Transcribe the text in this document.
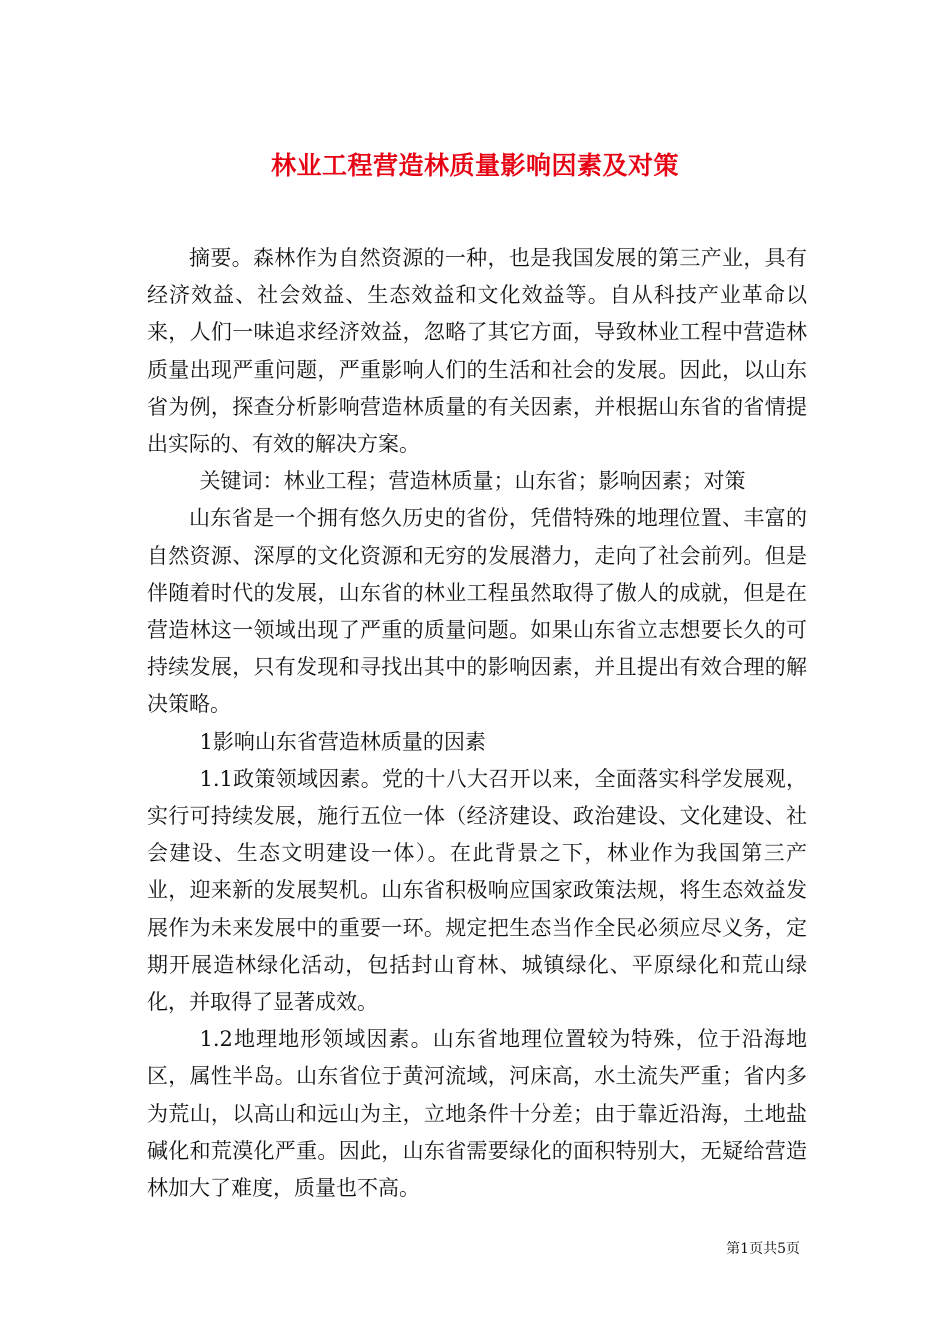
林业工程营造林质量影响因素及对策

摘要。森林作为自然资源的一种，也是我国发展的第三产业，具有经济效益、社会效益、生态效益和文化效益等。自从科技产业革命以来，人们一味追求经济效益，忽略了其它方面，导致林业工程中营造林质量出现严重问题，严重影响人们的生活和社会的发展。因此，以山东省为例，探查分析影响营造林质量的有关因素，并根据山东省的省情提出实际的、有效的解决方案。

关键词：林业工程；营造林质量；山东省；影响因素；对策

山东省是一个拥有悠久历史的省份，凭借特殊的地理位置、丰富的自然资源、深厚的文化资源和无穷的发展潜力，走向了社会前列。但是伴随着时代的发展，山东省的林业工程虽然取得了傲人的成就，但是在营造林这一领域出现了严重的质量问题。如果山东省立志想要长久的可持续发展，只有发现和寻找出其中的影响因素，并且提出有效合理的解决策略。

1影响山东省营造林质量的因素

1.1政策领域因素。党的十八大召开以来，全面落实科学发展观，实行可持续发展，施行五位一体（经济建设、政治建设、文化建设、社会建设、生态文明建设一体）。在此背景之下，林业作为我国第三产业，迎来新的发展契机。山东省积极响应国家政策法规，将生态效益发展作为未来发展中的重要一环。规定把生态当作全民必须应尽义务，定期开展造林绿化活动，包括封山育林、城镇绿化、平原绿化和荒山绿化，并取得了显著成效。

1.2地理地形领域因素。山东省地理位置较为特殊，位于沿海地区，属性半岛。山东省位于黄河流域，河床高，水土流失严重；省内多为荒山，以高山和远山为主，立地条件十分差；由于靠近沿海，土地盐碱化和荒漠化严重。因此，山东省需要绿化的面积特别大，无疑给营造林加大了难度，质量也不高。

第1页共5页
